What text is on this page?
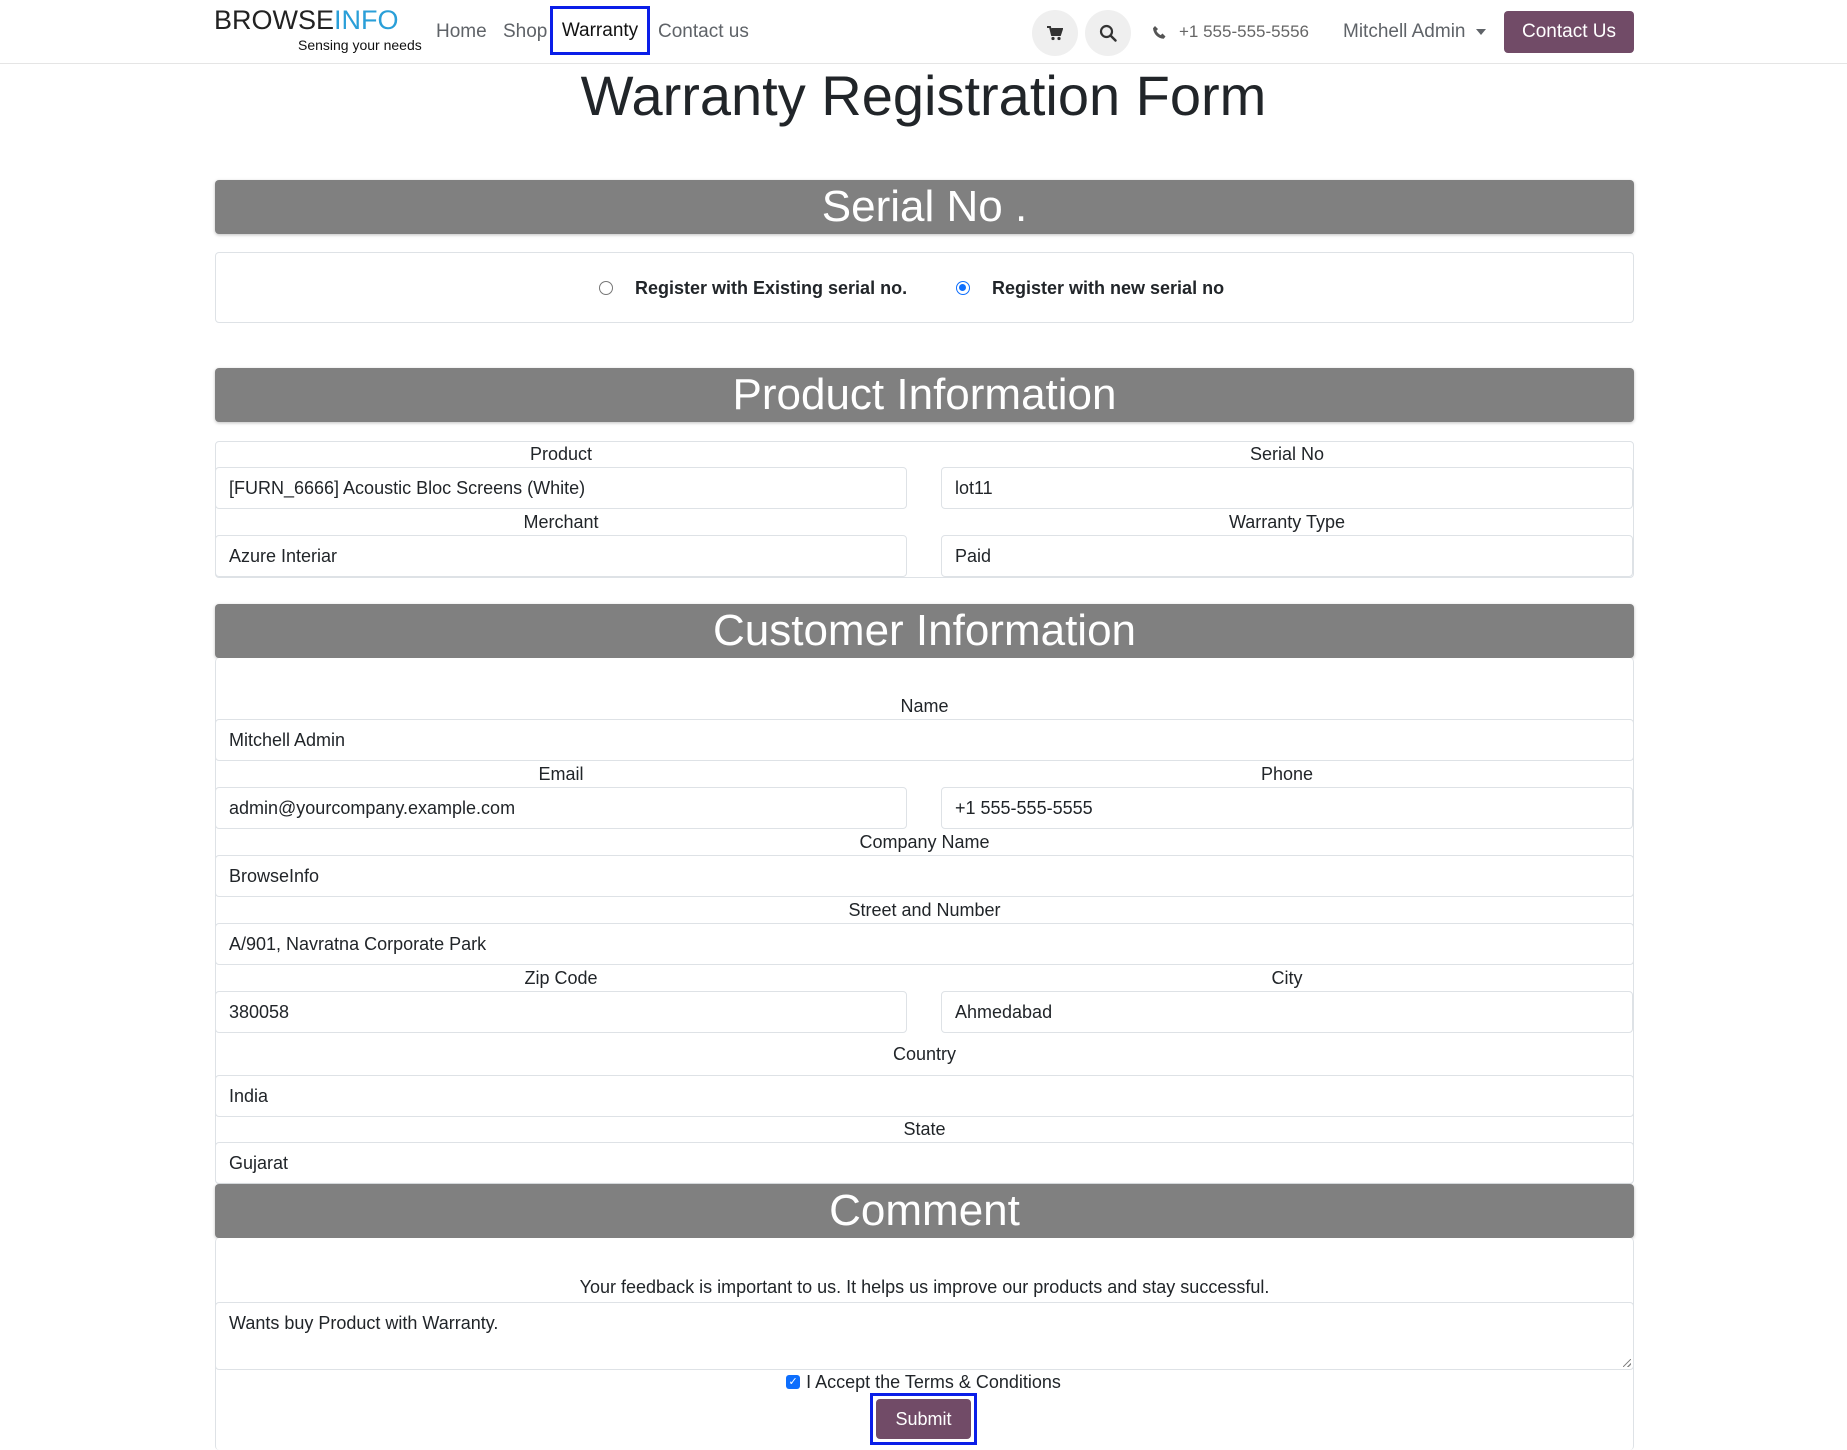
BROWSEINFO
Sensing your needs
Home Shop Warranty	Contact us	+1 555-555-5556 Mitchell Admin	Contact Us
Warranty Registration Form
Serial No .
Register with Existing serial no.	Register with new serial no
Product Information
Product
[FURN_6666] Acoustic Bloc Screens (White)
Serial No
lot11
Merchant
Azure Interiar
Warranty Type
Paid
Customer Information
Name
Mitchell Admin
Email
admin@yourcompany.example.com
Phone
+1 555-555-5555
Company Name
BrowseInfo
Street and Number
A/901, Navratna Corporate Park
Zip Code
380058
City
Ahmedabad
Country
India
State
Gujarat
Comment
Your feedback is important to us. It helps us improve our products and stay successful.
Wants buy Product with Warranty.
✓ I Accept the Terms & Conditions
Submit
